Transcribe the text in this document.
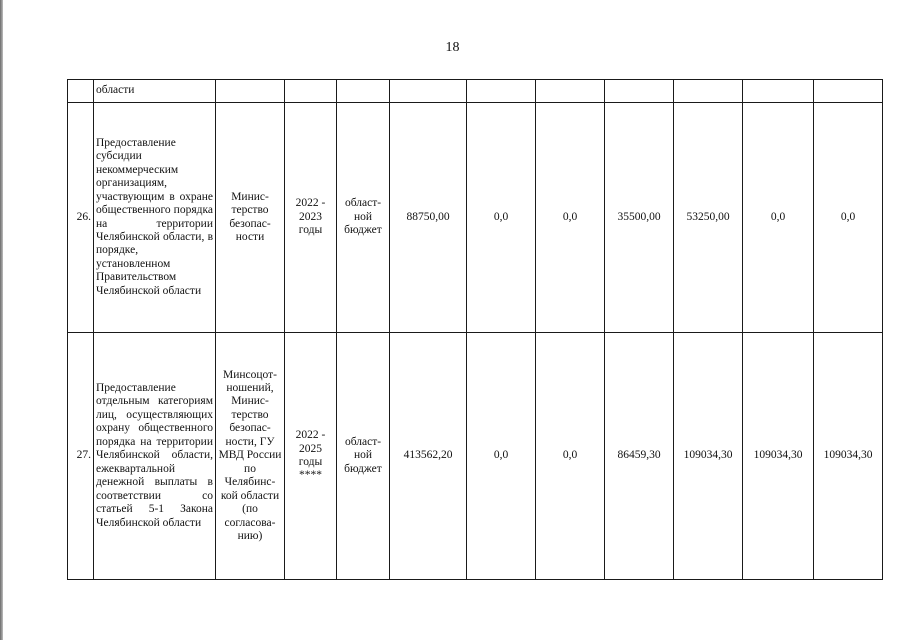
18
	области										
26.	Предоставление субсидии некоммерческим организациям, участвующим в охране общественного порядка на территории Челябинской области, в порядке, установленном Правительством Челябинской области	Минис-терство безопас-ности	2022 - 2023 годы	област-ной бюджет	88750,00	0,0	0,0	35500,00	53250,00	0,0	0,0
27.	Предоставление отдельным категориям лиц, осуществляющих охрану общественного порядка на территории Челябинской области, ежеквартальной денежной выплаты в соответствии со статьей 5-1 Закона Челябинской области	Минсоцот-ношений, Минис-терство безопас-ности, ГУ МВД России по Челябинс-кой области (по согласова-нию)	2022 - 2025 годы ****	област-ной бюджет	413562,20	0,0	0,0	86459,30	109034,30	109034,30	109034,30
